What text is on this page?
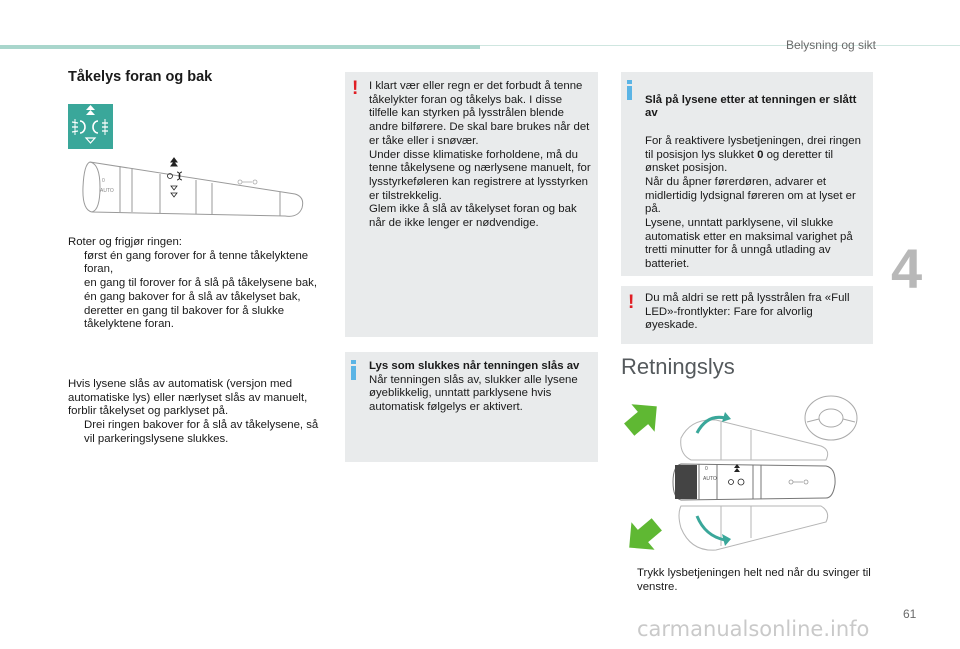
Belysning og sikt
4
Tåkelys foran og bak
0
AUTO

Roter og frigjør ringen:

først én gang forover for å tenne tåkelyktene foran,
en gang til forover for å slå på tåkelysene bak,
én gang bakover for å slå av tåkelyset bak,
deretter en gang til bakover for å slukke tåkelyktene foran.

Hvis lysene slås av automatisk (versjon med automatiske lys) eller nærlyset slås av manuelt, forblir tåkelyset og parklyset på.

Drei ringen bakover for å slå av tåkelysene, så vil parkeringslysene slukkes.
! I klart vær eller regn er det forbudt å tenne tåkelykter foran og tåkelys bak. I disse tilfelle kan styrken på lysstrålen blende andre bilførere. De skal bare brukes når det er tåke eller i snøvær.
Under disse klimatiske forholdene, må du tenne tåkelysene og nærlysene manuelt, for lysstyrkeføleren kan registrere at lysstyrken er tilstrekkelig.
Glem ikke å slå av tåkelyset foran og bak når de ikke lenger er nødvendige.

Lys som slukkes når tenningen slås av

Når tenningen slås av, slukker alle lysene øyeblikkelig, unntatt parklysene hvis automatisk følgelys er aktivert.

Slå på lysene etter at tenningen er slått av

For å reaktivere lysbetjeningen, drei ringen til posisjon lys slukket 0 og deretter til ønsket posisjon.
Når du åpner førerdøren, advarer et midlertidig lydsignal føreren om at lyset er på.
Lysene, unntatt parklysene, vil slukke automatisk etter en maksimal varighet på tretti minutter for å unngå utlading av batteriet.

! Du må aldri se rett på lysstrålen fra «Full LED»-frontlykter: Fare for alvorlig øyeskade.
Retningslys
0
AUTO
Trykk lysbetjeningen helt ned når du svinger til venstre.
61
carmanualsonline.info
